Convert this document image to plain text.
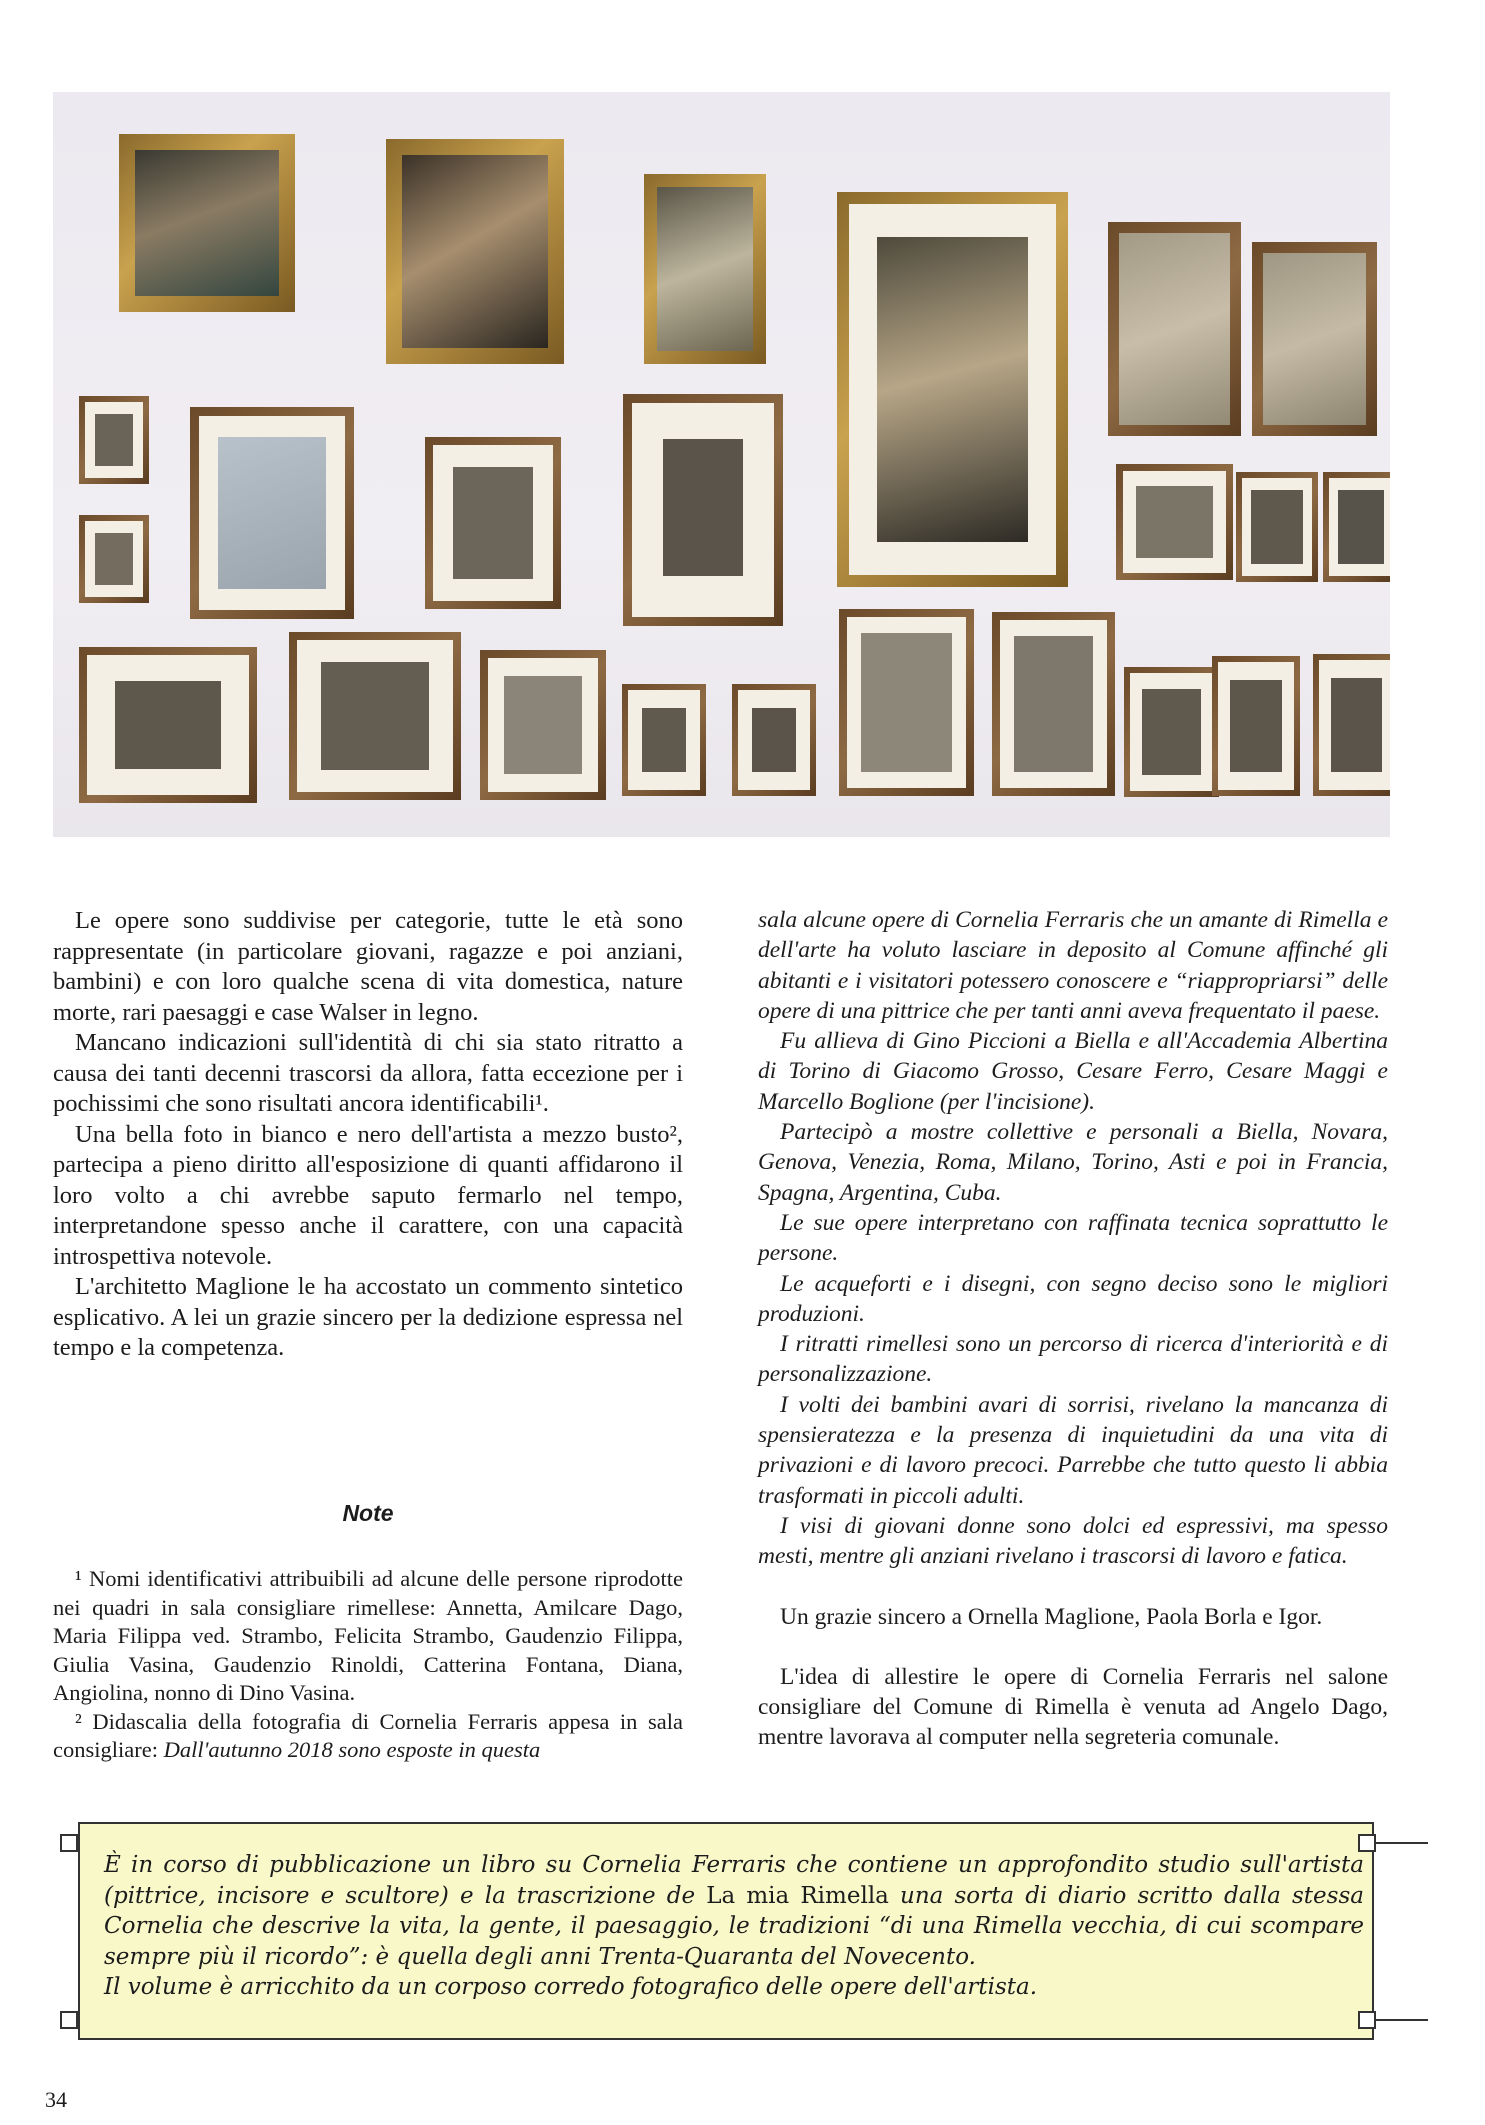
Le opere sono suddivise per categorie, tutte le età sono rappresentate (in particolare giovani, ragazze e poi anziani, bambini) e con loro qualche scena di vita domestica, nature morte, rari paesaggi e case Walser in legno.

Mancano indicazioni sull'identità di chi sia stato ritratto a causa dei tanti decenni trascorsi da allora, fatta eccezione per i pochissimi che sono risultati ancora identificabili¹.

Una bella foto in bianco e nero dell'artista a mezzo busto², partecipa a pieno diritto all'esposizione di quanti affidarono il loro volto a chi avrebbe saputo fermarlo nel tempo, interpretandone spesso anche il carattere, con una capacità introspettiva notevole.

L'architetto Maglione le ha accostato un commento sintetico esplicativo. A lei un grazie sincero per la dedizione espressa nel tempo e la competenza.

Note

¹ Nomi identificativi attribuibili ad alcune delle persone riprodotte nei quadri in sala consigliare rimellese: Annetta, Amilcare Dago, Maria Filippa ved. Strambo, Felicita Strambo, Gaudenzio Filippa, Giulia Vasina, Gaudenzio Rinoldi, Catterina Fontana, Diana, Angiolina, nonno di Dino Vasina.

² Didascalia della fotografia di Cornelia Ferraris appesa in sala consigliare: Dall'autunno 2018 sono esposte in questa

sala alcune opere di Cornelia Ferraris che un amante di Rimella e dell'arte ha voluto lasciare in deposito al Comune affinché gli abitanti e i visitatori potessero conoscere e “riappropriarsi” delle opere di una pittrice che per tanti anni aveva frequentato il paese.

Fu allieva di Gino Piccioni a Biella e all'Accademia Albertina di Torino di Giacomo Grosso, Cesare Ferro, Cesare Maggi e Marcello Boglione (per l'incisione).

Partecipò a mostre collettive e personali a Biella, Novara, Genova, Venezia, Roma, Milano, Torino, Asti e poi in Francia, Spagna, Argentina, Cuba.

Le sue opere interpretano con raffinata tecnica soprattutto le persone.

Le acqueforti e i disegni, con segno deciso sono le migliori produzioni.

I ritratti rimellesi sono un percorso di ricerca d'interiorità e di personalizzazione.

I volti dei bambini avari di sorrisi, rivelano la mancanza di spensieratezza e la presenza di inquietudini da una vita di privazioni e di lavoro precoci. Parrebbe che tutto questo li abbia trasformati in piccoli adulti.

I visi di giovani donne sono dolci ed espressivi, ma spesso mesti, mentre gli anziani rivelano i trascorsi di lavoro e fatica.

Un grazie sincero a Ornella Maglione, Paola Borla e Igor.

L'idea di allestire le opere di Cornelia Ferraris nel salone consigliare del Comune di Rimella è venuta ad Angelo Dago, mentre lavorava al computer nella segreteria comunale.

È in corso di pubblicazione un libro su Cornelia Ferraris che contiene un approfondito studio sull'artista (pittrice, incisore e scultore) e la trascrizione de La mia Rimella una sorta di diario scritto dalla stessa Cornelia che descrive la vita, la gente, il paesaggio, le tradizioni “di una Rimella vecchia, di cui scompare sempre più il ricordo”: è quella degli anni Trenta-Quaranta del Novecento.

Il volume è arricchito da un corposo corredo fotografico delle opere dell'artista.

34
